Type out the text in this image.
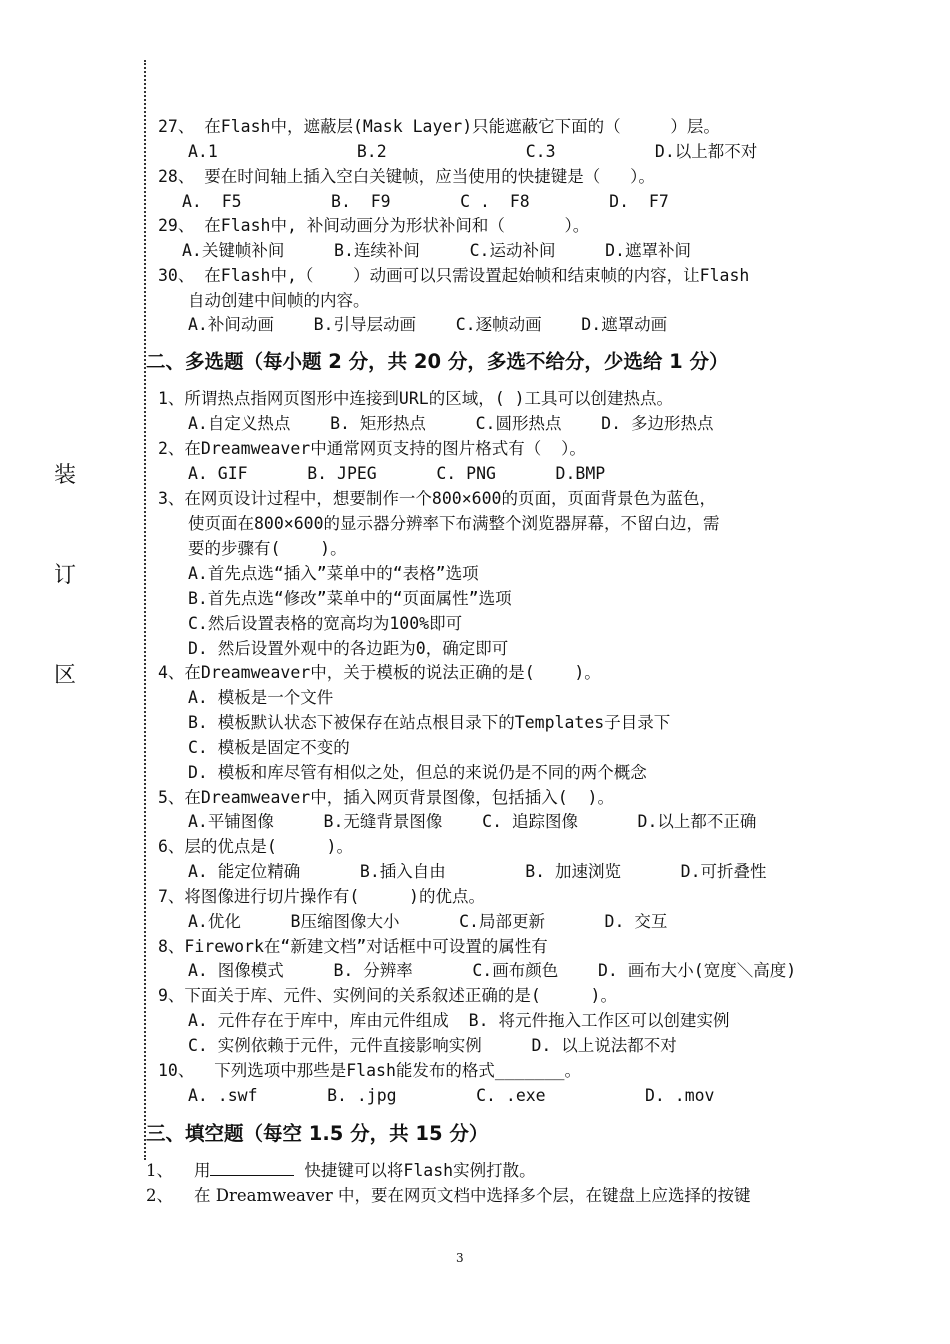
装
订
区
27、 在Flash中，遮蔽层(Mask Layer)只能遮蔽它下面的（     ）层。
A.1              B.2              C.3          D.以上都不对
28、 要在时间轴上插入空白关键帧，应当使用的快捷键是（   ）。
A.  F5         B.  F9       C .  F8        D.  F7
29、 在Flash中, 补间动画分为形状补间和（      ）。
A.关键帧补间     B.连续补间     C.运动补间     D.遮罩补间
30、 在Flash中,（    ）动画可以只需设置起始帧和结束帧的内容，让Flash
自动创建中间帧的内容。
A.补间动画    B.引导层动画    C.逐帧动画    D.遮罩动画
二、多选题（每小题 2 分，共 20 分，多选不给分，少选给 1 分）
1、所谓热点指网页图形中连接到URL的区域，( )工具可以创建热点。
A.自定义热点    B. 矩形热点     C.圆形热点    D. 多边形热点
2、在Dreamweaver中通常网页支持的图片格式有（  ）。
A. GIF      B. JPEG      C. PNG      D.BMP
3、在网页设计过程中，想要制作一个800×600的页面，页面背景色为蓝色，
使页面在800×600的显示器分辨率下布满整个浏览器屏幕，不留白边，需
要的步骤有(    )。
A.首先点选“插入”菜单中的“表格”选项
B.首先点选“修改”菜单中的“页面属性”选项
C.然后设置表格的宽高均为100%即可
D. 然后设置外观中的各边距为0，确定即可
4、在Dreamweaver中，关于模板的说法正确的是(    )。
A. 模板是一个文件
B. 模板默认状态下被保存在站点根目录下的Templates子目录下
C. 模板是固定不变的
D. 模板和库尽管有相似之处，但总的来说仍是不同的两个概念
5、在Dreamweaver中，插入网页背景图像，包括插入(  )。
A.平铺图像     B.无缝背景图像    C. 追踪图像      D.以上都不正确
6、层的优点是(     )。
A. 能定位精确      B.插入自由        B. 加速浏览      D.可折叠性
7、将图像进行切片操作有(     )的优点。
A.优化     B压缩图像大小      C.局部更新      D. 交互
8、Firework在“新建文档”对话框中可设置的属性有
A. 图像模式     B. 分辨率      C.画布颜色    D. 画布大小(宽度＼高度)
9、下面关于库、元件、实例间的关系叙述正确的是(     )。
A. 元件存在于库中，库由元件组成  B. 将元件拖入工作区可以创建实例
C. 实例依赖于元件，元件直接影响实例     D. 以上说法都不对
10、  下列选项中那些是Flash能发布的格式_______。
A. .swf       B. .jpg        C. .exe          D. .mov
三、填空题（每空 1.5 分，共 15 分）
1、    用	快捷键可以将Flash实例打散。
2、    在 Dreamweaver 中，要在网页文档中选择多个层，在键盘上应选择的按键
3
